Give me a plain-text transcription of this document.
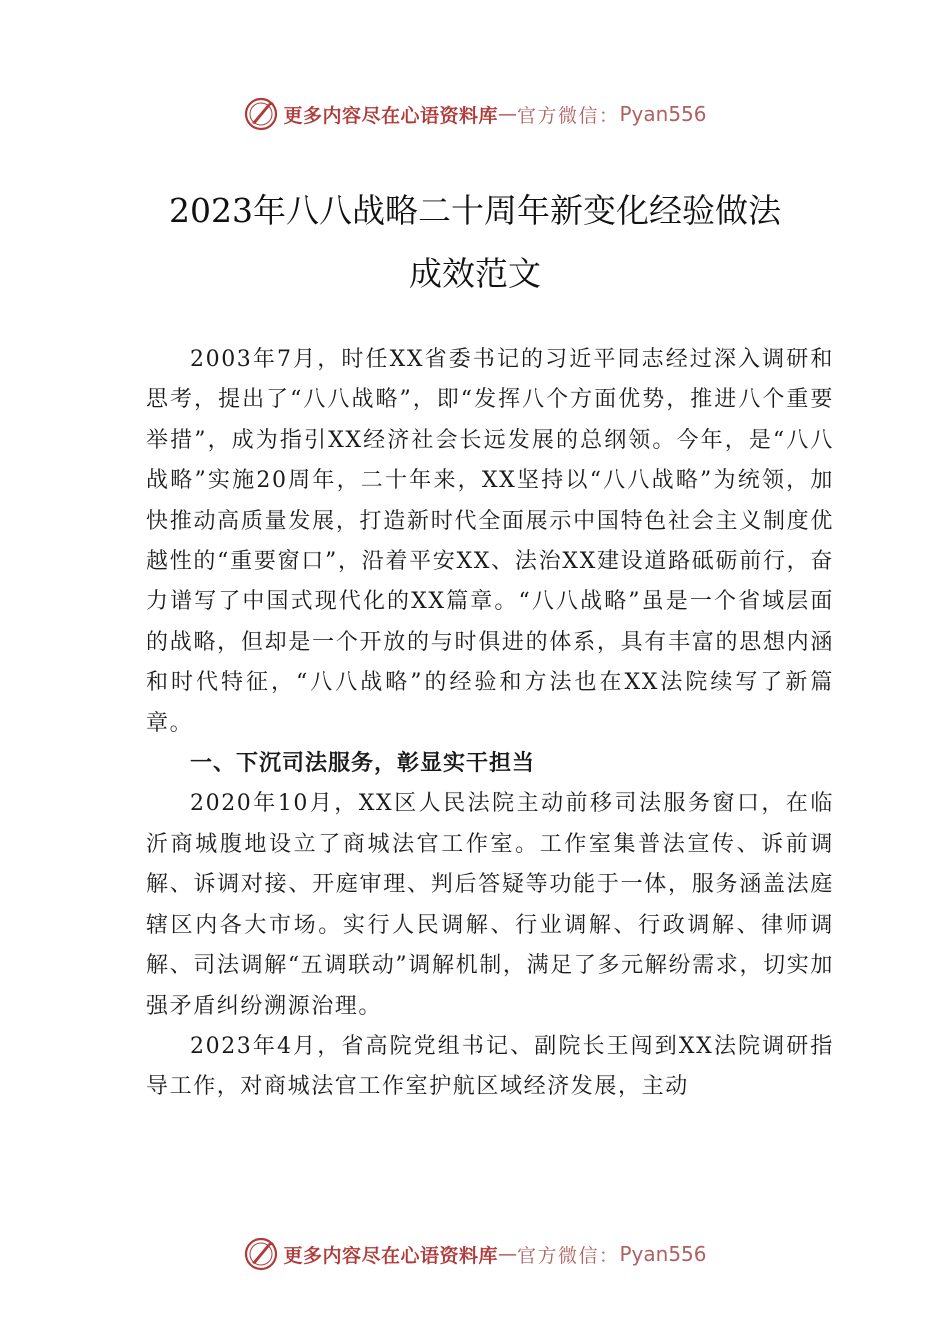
更多内容尽在心语资料库 — 官方微信： Pyan556
2023年八八战略二十周年新变化经验做法
成效范文

2003年7月，时任XX省委书记的习近平同志经过深入调研和思考，提出了“八八战略”，即“发挥八个方面优势，推进八个重要举措”，成为指引XX经济社会长远发展的总纲领。今年，是“八八战略”实施20周年，二十年来，XX坚持以“八八战略”为统领，加快推动高质量发展，打造新时代全面展示中国特色社会主义制度优越性的“重要窗口”，沿着平安XX、法治XX建设道路砥砺前行，奋力谱写了中国式现代化的XX篇章。“八八战略”虽是一个省域层面的战略，但却是一个开放的与时俱进的体系，具有丰富的思想内涵和时代特征，“八八战略”的经验和方法也在XX法院续写了新篇章。

一、下沉司法服务，彰显实干担当

2020年10月，XX区人民法院主动前移司法服务窗口，在临沂商城腹地设立了商城法官工作室。工作室集普法宣传、诉前调解、诉调对接、开庭审理、判后答疑等功能于一体，服务涵盖法庭辖区内各大市场。实行人民调解、行业调解、行政调解、律师调解、司法调解“五调联动”调解机制，满足了多元解纷需求，切实加强矛盾纠纷溯源治理。

2023年4月，省高院党组书记、副院长王闯到XX法院调研指导工作，对商城法官工作室护航区域经济发展，主动

更多内容尽在心语资料库 — 官方微信： Pyan556
